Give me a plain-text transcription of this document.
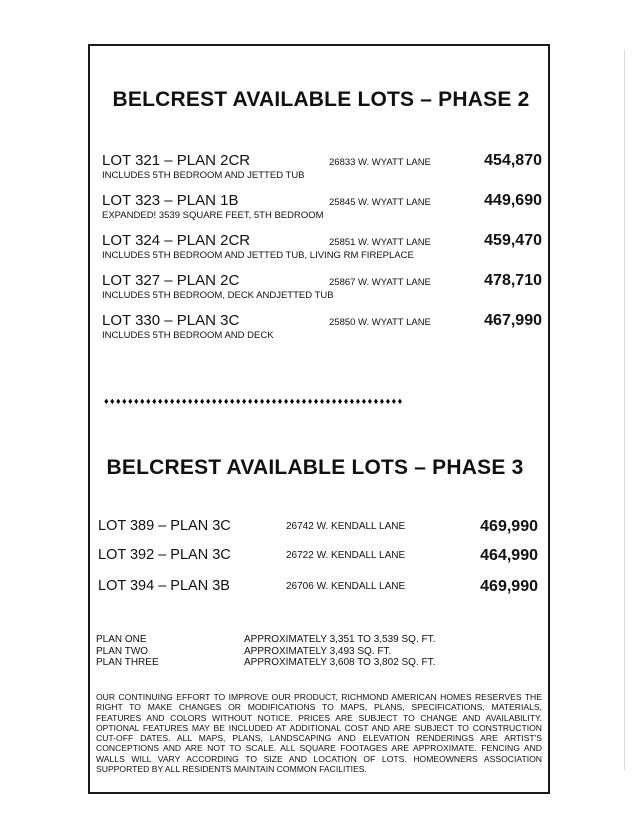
BELCREST AVAILABLE LOTS – PHASE 2
LOT 321 – PLAN 2CR	26833 W. WYATT LANE	454,870
INCLUDES 5TH BEDROOM AND JETTED TUB
LOT 323 – PLAN 1B	25845 W. WYATT LANE	449,690
EXPANDED! 3539 SQUARE FEET, 5TH BEDROOM
LOT 324 – PLAN 2CR	25851 W. WYATT LANE	459,470
INCLUDES 5TH BEDROOM AND JETTED TUB, LIVING RM FIREPLACE
LOT 327 – PLAN 2C	25867 W. WYATT LANE	478,710
INCLUDES 5TH BEDROOM, DECK ANDJETTED TUB
LOT 330 – PLAN 3C	25850 W. WYATT LANE	467,990
INCLUDES 5TH BEDROOM AND DECK
♦♦♦♦♦♦♦♦♦♦♦♦♦♦♦♦♦♦♦♦♦♦♦♦♦♦♦♦♦♦♦♦♦♦♦♦♦♦♦♦♦♦♦♦♦♦♦♦♦♦
BELCREST AVAILABLE LOTS – PHASE 3
LOT 389 – PLAN 3C	26742 W. KENDALL LANE	469,990
LOT 392 – PLAN 3C	26722 W. KENDALL LANE	464,990
LOT 394 – PLAN 3B	26706 W. KENDALL LANE	469,990
PLAN ONE	APPROXIMATELY 3,351 TO 3,539 SQ. FT.
PLAN TWO	APPROXIMATELY 3,493 SQ. FT.
PLAN THREE	APPROXIMATELY 3,608 TO 3,802 SQ. FT.
OUR CONTINUING EFFORT TO IMPROVE OUR PRODUCT, RICHMOND AMERICAN HOMES RESERVES THE RIGHT TO MAKE CHANGES OR MODIFICATIONS TO MAPS, PLANS, SPECIFICATIONS, MATERIALS, FEATURES AND COLORS WITHOUT NOTICE. PRICES ARE SUBJECT TO CHANGE AND AVAILABILITY. OPTIONAL FEATURES MAY BE INCLUDED AT ADDITIONAL COST AND ARE SUBJECT TO CONSTRUCTION CUT-OFF DATES. ALL MAPS, PLANS, LANDSCAPING AND ELEVATION RENDERINGS ARE ARTIST'S CONCEPTIONS AND ARE NOT TO SCALE. ALL SQUARE FOOTAGES ARE APPROXIMATE. FENCING AND WALLS WILL VARY ACCORDING TO SIZE AND LOCATION OF LOTS. HOMEOWNERS ASSOCIATION SUPPORTED BY ALL RESIDENTS MAINTAIN COMMON FACILITIES.
